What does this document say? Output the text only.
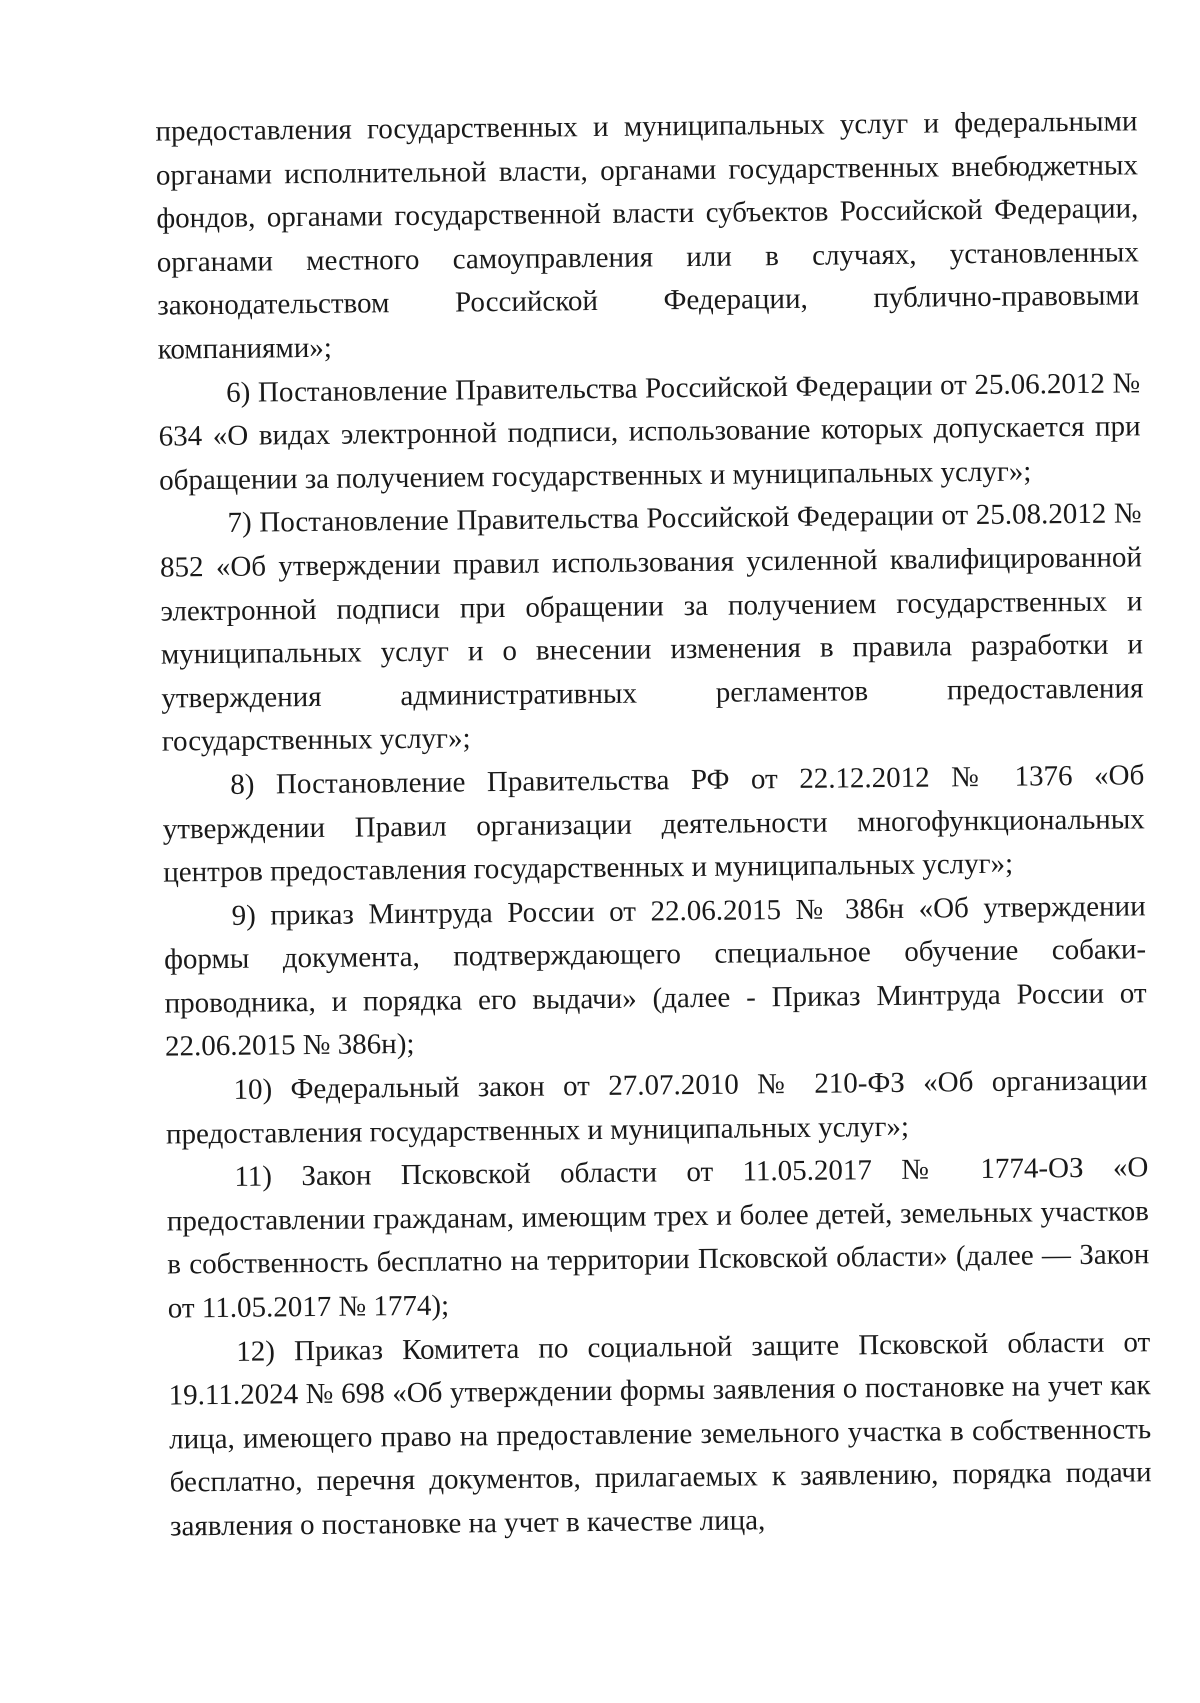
предоставления государственных и муниципальных услуг и федеральными органами исполнительной власти, органами государственных внебюджетных фондов, органами государственной власти субъектов Российской Федерации, органами местного самоуправления или в случаях, установленных законодательством Российской Федерации, публично-правовыми компаниями»;

6) Постановление Правительства Российской Федерации от 25.06.2012 № 634 «О видах электронной подписи, использование которых допускается при обращении за получением государственных и муниципальных услуг»;

7) Постановление Правительства Российской Федерации от 25.08.2012 № 852 «Об утверждении правил использования усиленной квалифицированной электронной подписи при обращении за получением государственных и муниципальных услуг и о внесении изменения в правила разработки и утверждения административных регламентов предоставления государственных услуг»;

8) Постановление Правительства РФ от 22.12.2012 № 1376 «Об утверждении Правил организации деятельности многофункциональных центров предоставления государственных и муниципальных услуг»;

9) приказ Минтруда России от 22.06.2015 № 386н «Об утверждении формы документа, подтверждающего специальное обучение собаки-проводника, и порядка его выдачи» (далее - Приказ Минтруда России от 22.06.2015 № 386н);

10) Федеральный закон от 27.07.2010 № 210-ФЗ «Об организации предоставления государственных и муниципальных услуг»;

11) Закон Псковской области от 11.05.2017 № 1774-ОЗ «О предоставлении гражданам, имеющим трех и более детей, земельных участков в собственность бесплатно на территории Псковской области» (далее — Закон от 11.05.2017 № 1774);

12) Приказ Комитета по социальной защите Псковской области от 19.11.2024 № 698 «Об утверждении формы заявления о постановке на учет как лица, имеющего право на предоставление земельного участка в собственность бесплатно, перечня документов, прилагаемых к заявлению, порядка подачи заявления о постановке на учет в качестве лица,
